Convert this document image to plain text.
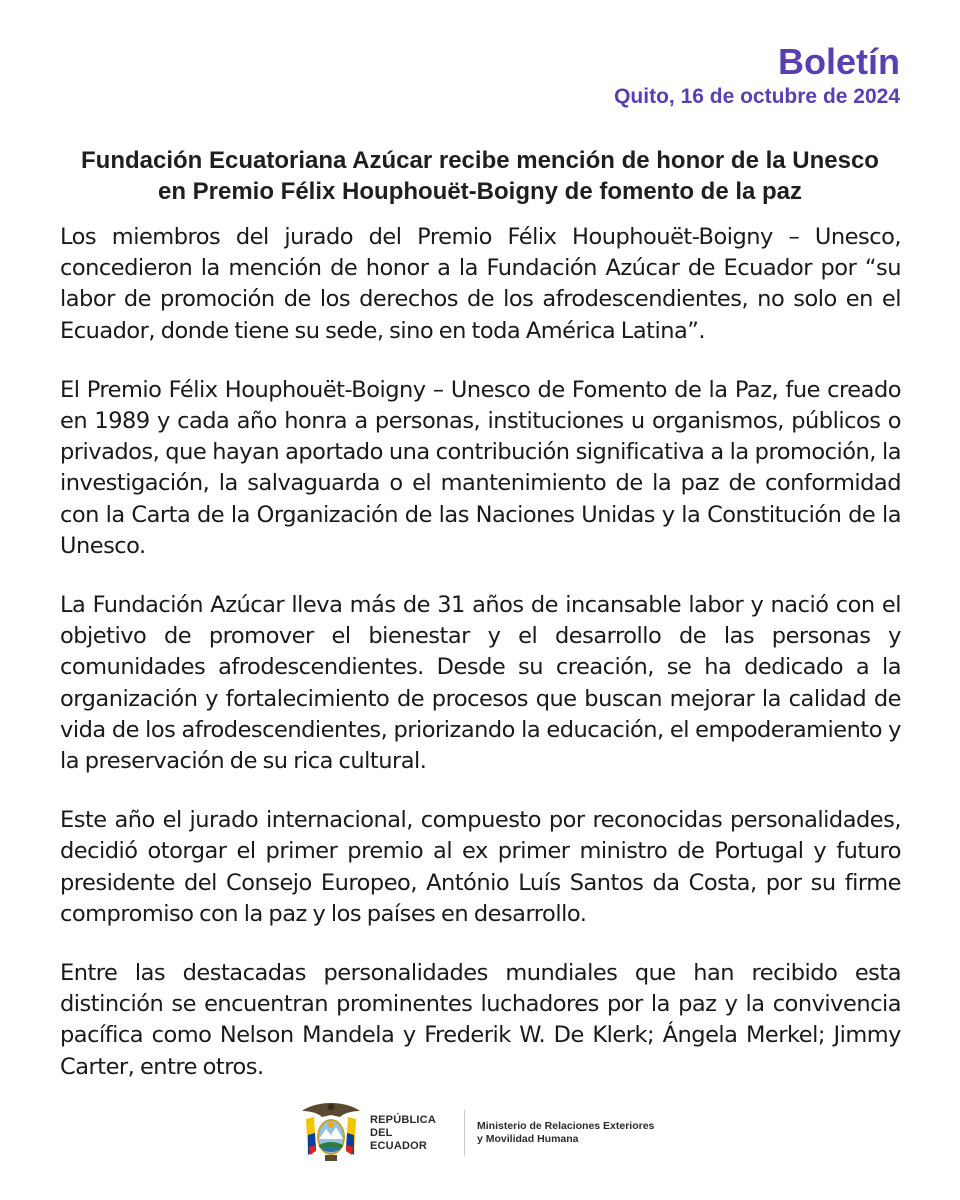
Boletín
Quito, 16 de octubre de 2024
Fundación Ecuatoriana Azúcar recibe mención de honor de la Unesco
en Premio Félix Houphouët-Boigny de fomento de la paz

Los miembros del jurado del Premio Félix Houphouët-Boigny – Unesco, concedieron la mención de honor a la Fundación Azúcar de Ecuador por “su labor de promoción de los derechos de los afrodescendientes, no solo en el Ecuador, donde tiene su sede, sino en toda América Latina”.

El Premio Félix Houphouët-Boigny – Unesco de Fomento de la Paz, fue creado en 1989 y cada año honra a personas, instituciones u organismos, públicos o privados, que hayan aportado una contribución significativa a la promoción, la investigación, la salvaguarda o el mantenimiento de la paz de conformidad con la Carta de la Organización de las Naciones Unidas y la Constitución de la Unesco.

La Fundación Azúcar lleva más de 31 años de incansable labor y nació con el objetivo de promover el bienestar y el desarrollo de las personas y comunidades afrodescendientes. Desde su creación, se ha dedicado a la organización y fortalecimiento de procesos que buscan mejorar la calidad de vida de los afrodescendientes, priorizando la educación, el empoderamiento y la preservación de su rica cultural.

Este año el jurado internacional, compuesto por reconocidas personalidades, decidió otorgar el primer premio al ex primer ministro de Portugal y futuro presidente del Consejo Europeo, António Luís Santos da Costa, por su firme compromiso con la paz y los países en desarrollo.

Entre las destacadas personalidades mundiales que han recibido esta distinción se encuentran prominentes luchadores por la paz y la convivencia pacífica como Nelson Mandela y Frederik W. De Klerk; Ángela Merkel; Jimmy Carter, entre otros.

REPÚBLICA
DEL ECUADOR
Ministerio de Relaciones Exteriores
y Movilidad Humana
